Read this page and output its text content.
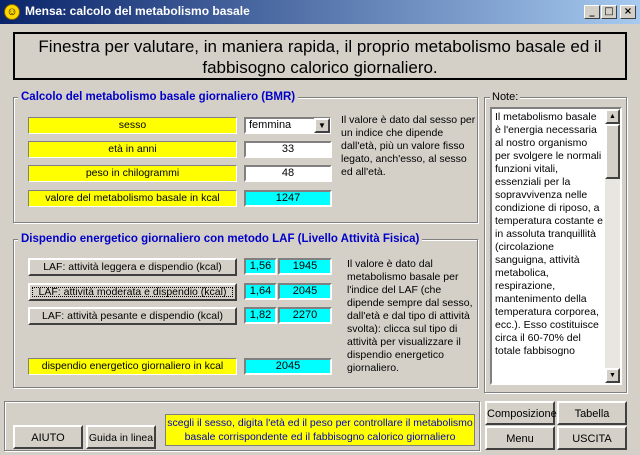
☺ Mensa: calcolo del metabolismo basale	_ □	×
Finestra per valutare, in maniera rapida, il proprio metabolismo basale ed il
fabbisogno calorico giornaliero.
Calcolo del metabolismo basale giornaliero (BMR)
sesso	femmina	▼
età in anni	33
peso in chilogrammi	48
valore del metabolismo basale in kcal	1247
Il valore è dato dal sesso per un indice che dipende dall'età, più un valore fisso legato, anch'esso, al sesso ed all'età.
Dispendio energetico giornaliero con metodo LAF (Livello Attività Fisica)
LAF: attività leggera e dispendio (kcal)	1,56	1945
LAF: attività moderata e dispendio (kcal)	1,64	2045
LAF: attività pesante e dispendio (kcal)	1,82	2270
dispendio energetico giornaliero in kcal	2045
Il valore è dato dal metabolismo basale per l'indice del LAF (che dipende sempre dal sesso, dall'età e dal tipo di attività svolta): clicca sul tipo di attività per visualizzare il dispendio energetico giornaliero.
Note:
Il metabolismo basale è l'energia necessaria al nostro organismo per svolgere le normali funzioni vitali, essenziali per la sopravvivenza nelle condizione di riposo, a temperatura costante e in assoluta tranquillità (circolazione sanguigna, attività metabolica, respirazione, mantenimento della temperatura corporea, ecc.). Esso costituisce circa il 60-70% del totale fabbisogno
▲
▼
AIUTO	Guida in linea
scegli il sesso, digita l'età ed il peso per controllare il metabolismo
basale corrispondente ed il fabbisogno calorico giornaliero
Composizione	Tabella
Menu	USCITA
